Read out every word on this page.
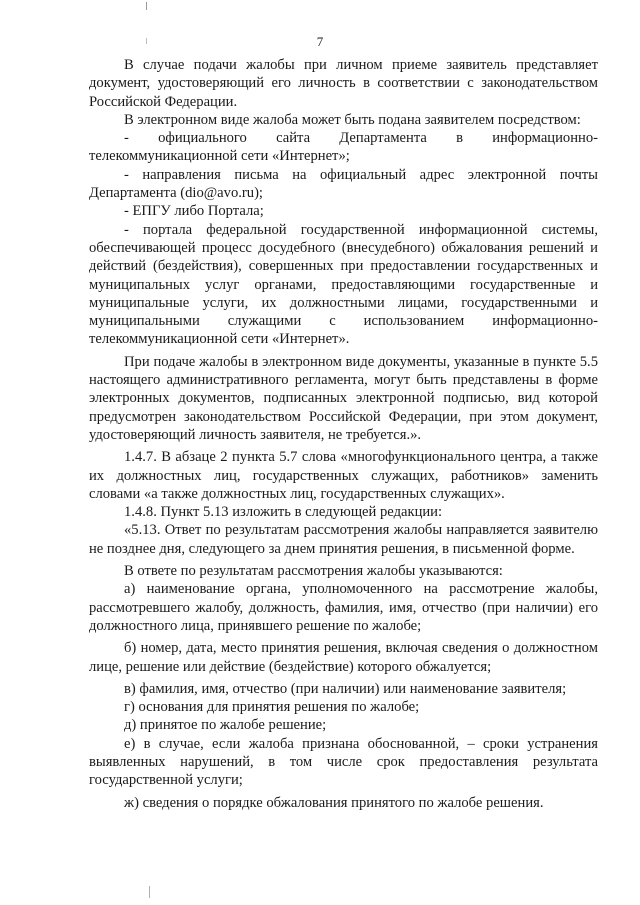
7

В случае подачи жалобы при личном приеме заявитель представляет документ, удостоверяющий его личность в соответствии с законодательством Российской Федерации.

В электронном виде жалоба может быть подана заявителем посредством:

- официального сайта Департамента в информационно-телекоммуникационной сети «Интернет»;

- направления письма на официальный адрес электронной почты Департамента (dio@avo.ru);

- ЕПГУ либо Портала;

- портала федеральной государственной информационной системы, обеспечивающей процесс досудебного (внесудебного) обжалования решений и действий (бездействия), совершенных при предоставлении государственных и муниципальных услуг органами, предоставляющими государственные и муниципальные услуги, их должностными лицами, государственными и муниципальными служащими с использованием информационно-телекоммуникационной сети «Интернет».

При подаче жалобы в электронном виде документы, указанные в пункте 5.5 настоящего административного регламента, могут быть представлены в форме электронных документов, подписанных электронной подписью, вид которой предусмотрен законодательством Российской Федерации, при этом документ, удостоверяющий личность заявителя, не требуется.».

1.4.7. В абзаце 2 пункта 5.7 слова «многофункционального центра, а также их должностных лиц, государственных служащих, работников» заменить словами «а также должностных лиц, государственных служащих».

1.4.8. Пункт 5.13 изложить в следующей редакции:

«5.13. Ответ по результатам рассмотрения жалобы направляется заявителю не позднее дня, следующего за днем принятия решения, в письменной форме.

В ответе по результатам рассмотрения жалобы указываются:

а) наименование органа, уполномоченного на рассмотрение жалобы, рассмотревшего жалобу, должность, фамилия, имя, отчество (при наличии) его должностного лица, принявшего решение по жалобе;

б) номер, дата, место принятия решения, включая сведения о должностном лице, решение или действие (бездействие) которого обжалуется;

в) фамилия, имя, отчество (при наличии) или наименование заявителя;

г) основания для принятия решения по жалобе;

д) принятое по жалобе решение;

е) в случае, если жалоба признана обоснованной, – сроки устранения выявленных нарушений, в том числе срок предоставления результата государственной услуги;

ж) сведения о порядке обжалования принятого по жалобе решения.
